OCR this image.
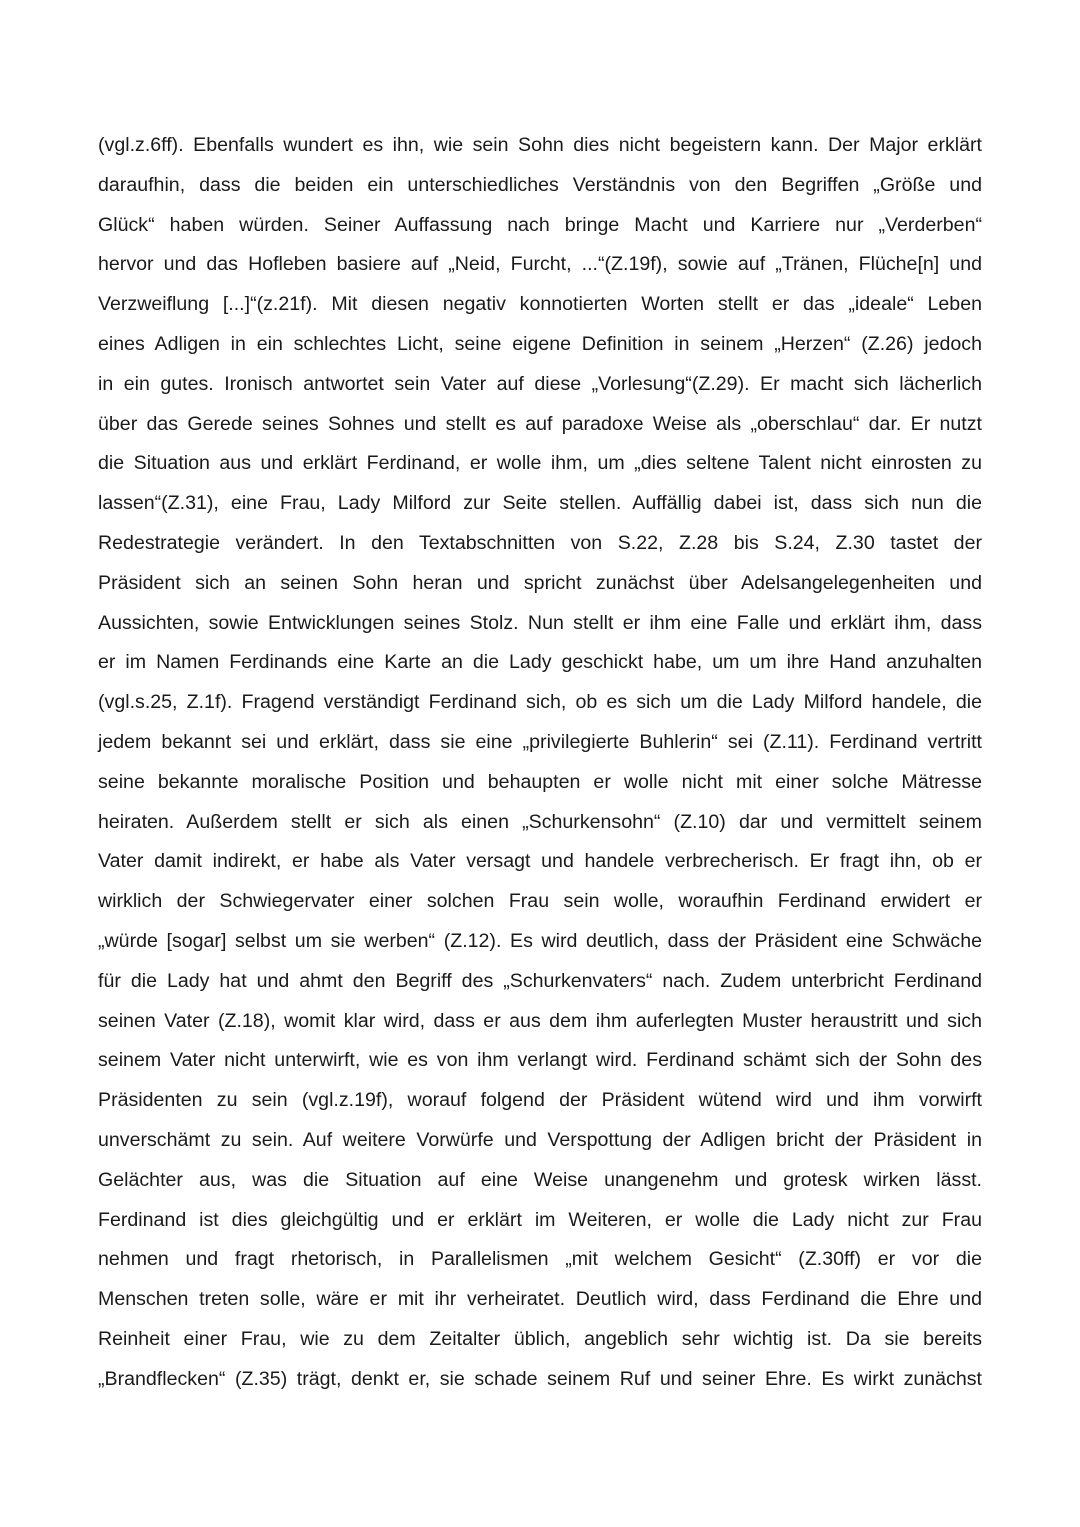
(vgl.z.6ff). Ebenfalls wundert es ihn, wie sein Sohn dies nicht begeistern kann. Der Major erklärt
daraufhin, dass die beiden ein unterschiedliches Verständnis von den Begriffen „Größe und
Glück“ haben würden. Seiner Auffassung nach bringe Macht und Karriere nur „Verderben“
hervor und das Hofleben basiere auf „Neid, Furcht, ...“(Z.19f), sowie auf „Tränen, Flüche[n] und
Verzweiflung [...]“(z.21f). Mit diesen negativ konnotierten Worten stellt er das „ideale“ Leben
eines Adligen in ein schlechtes Licht, seine eigene Definition in seinem „Herzen“ (Z.26) jedoch
in ein gutes. Ironisch antwortet sein Vater auf diese „Vorlesung“(Z.29). Er macht sich lächerlich
über das Gerede seines Sohnes und stellt es auf paradoxe Weise als „oberschlau“ dar. Er nutzt
die Situation aus und erklärt Ferdinand, er wolle ihm, um „dies seltene Talent nicht einrosten zu
lassen“(Z.31), eine Frau, Lady Milford zur Seite stellen. Auffällig dabei ist, dass sich nun die
Redestrategie verändert. In den Textabschnitten von S.22, Z.28 bis S.24, Z.30 tastet der
Präsident sich an seinen Sohn heran und spricht zunächst über Adelsangelegenheiten und
Aussichten, sowie Entwicklungen seines Stolz. Nun stellt er ihm eine Falle und erklärt ihm, dass
er im Namen Ferdinands eine Karte an die Lady geschickt habe, um um ihre Hand anzuhalten
(vgl.s.25, Z.1f). Fragend verständigt Ferdinand sich, ob es sich um die Lady Milford handele, die
jedem bekannt sei und erklärt, dass sie eine „privilegierte Buhlerin“ sei (Z.11). Ferdinand vertritt
seine bekannte moralische Position und behaupten er wolle nicht mit einer solche Mätresse
heiraten. Außerdem stellt er sich als einen „Schurkensohn“ (Z.10) dar und vermittelt seinem
Vater damit indirekt, er habe als Vater versagt und handele verbrecherisch. Er fragt ihn, ob er
wirklich der Schwiegervater einer solchen Frau sein wolle, woraufhin Ferdinand erwidert er
„würde [sogar] selbst um sie werben“ (Z.12). Es wird deutlich, dass der Präsident eine Schwäche
für die Lady hat und ahmt den Begriff des „Schurkenvaters“ nach. Zudem unterbricht Ferdinand
seinen Vater (Z.18), womit klar wird, dass er aus dem ihm auferlegten Muster heraustritt und sich
seinem Vater nicht unterwirft, wie es von ihm verlangt wird. Ferdinand schämt sich der Sohn des
Präsidenten zu sein (vgl.z.19f), worauf folgend der Präsident wütend wird und ihm vorwirft
unverschämt zu sein. Auf weitere Vorwürfe und Verspottung der Adligen bricht der Präsident in
Gelächter aus, was die Situation auf eine Weise unangenehm und grotesk wirken lässt.
Ferdinand ist dies gleichgültig und er erklärt im Weiteren, er wolle die Lady nicht zur Frau
nehmen und fragt rhetorisch, in Parallelismen „mit welchem Gesicht“ (Z.30ff) er vor die
Menschen treten solle, wäre er mit ihr verheiratet. Deutlich wird, dass Ferdinand die Ehre und
Reinheit einer Frau, wie zu dem Zeitalter üblich, angeblich sehr wichtig ist. Da sie bereits
„Brandflecken“ (Z.35) trägt, denkt er, sie schade seinem Ruf und seiner Ehre. Es wirkt zunächst
